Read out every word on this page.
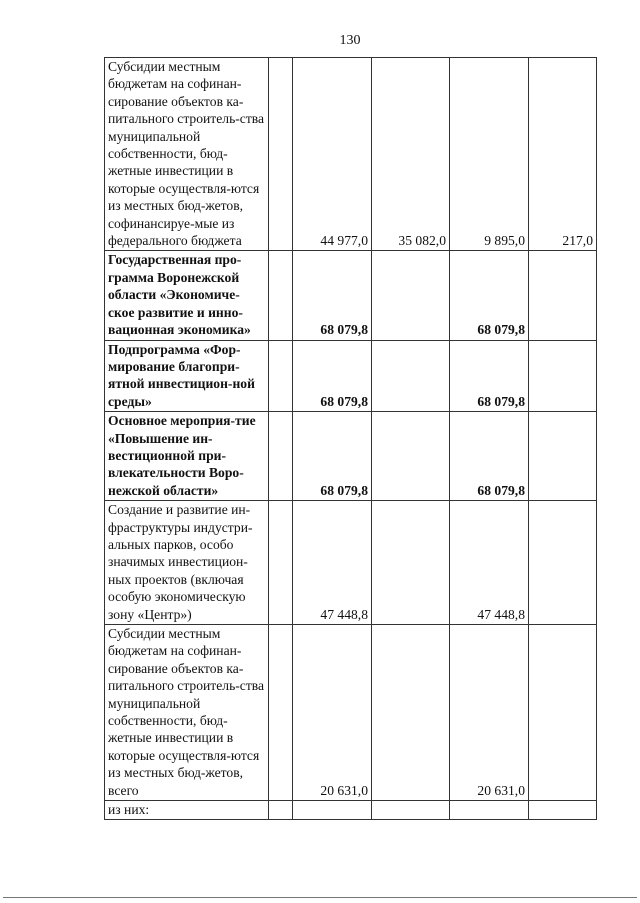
130
Субсидии местным бюджетам на софинан-сирование объектов ка-питального строитель-ства муниципальной собственности, бюд-жетные инвестиции в которые осуществля-ются из местных бюд-жетов, софинансируе-мые из федерального бюджета		44 977,0	35 082,0	9 895,0	217,0
Государственная про-грамма Воронежской области «Экономиче-ское развитие и инно-вационная экономика»		68 079,8		68 079,8	
Подпрограмма «Фор-мирование благопри-ятной инвестицион-ной среды»		68 079,8		68 079,8	
Основное мероприя-тие «Повышение ин-вестиционной при-влекательности Воро-нежской области»		68 079,8		68 079,8	
Создание и развитие ин-фраструктуры индустри-альных парков, особо значимых инвестицион-ных проектов (включая особую экономическую зону «Центр»)		47 448,8		47 448,8	
Субсидии местным бюджетам на софинан-сирование объектов ка-питального строитель-ства муниципальной собственности, бюд-жетные инвестиции в которые осуществля-ются из местных бюд-жетов, всего		20 631,0		20 631,0	
из них:					
